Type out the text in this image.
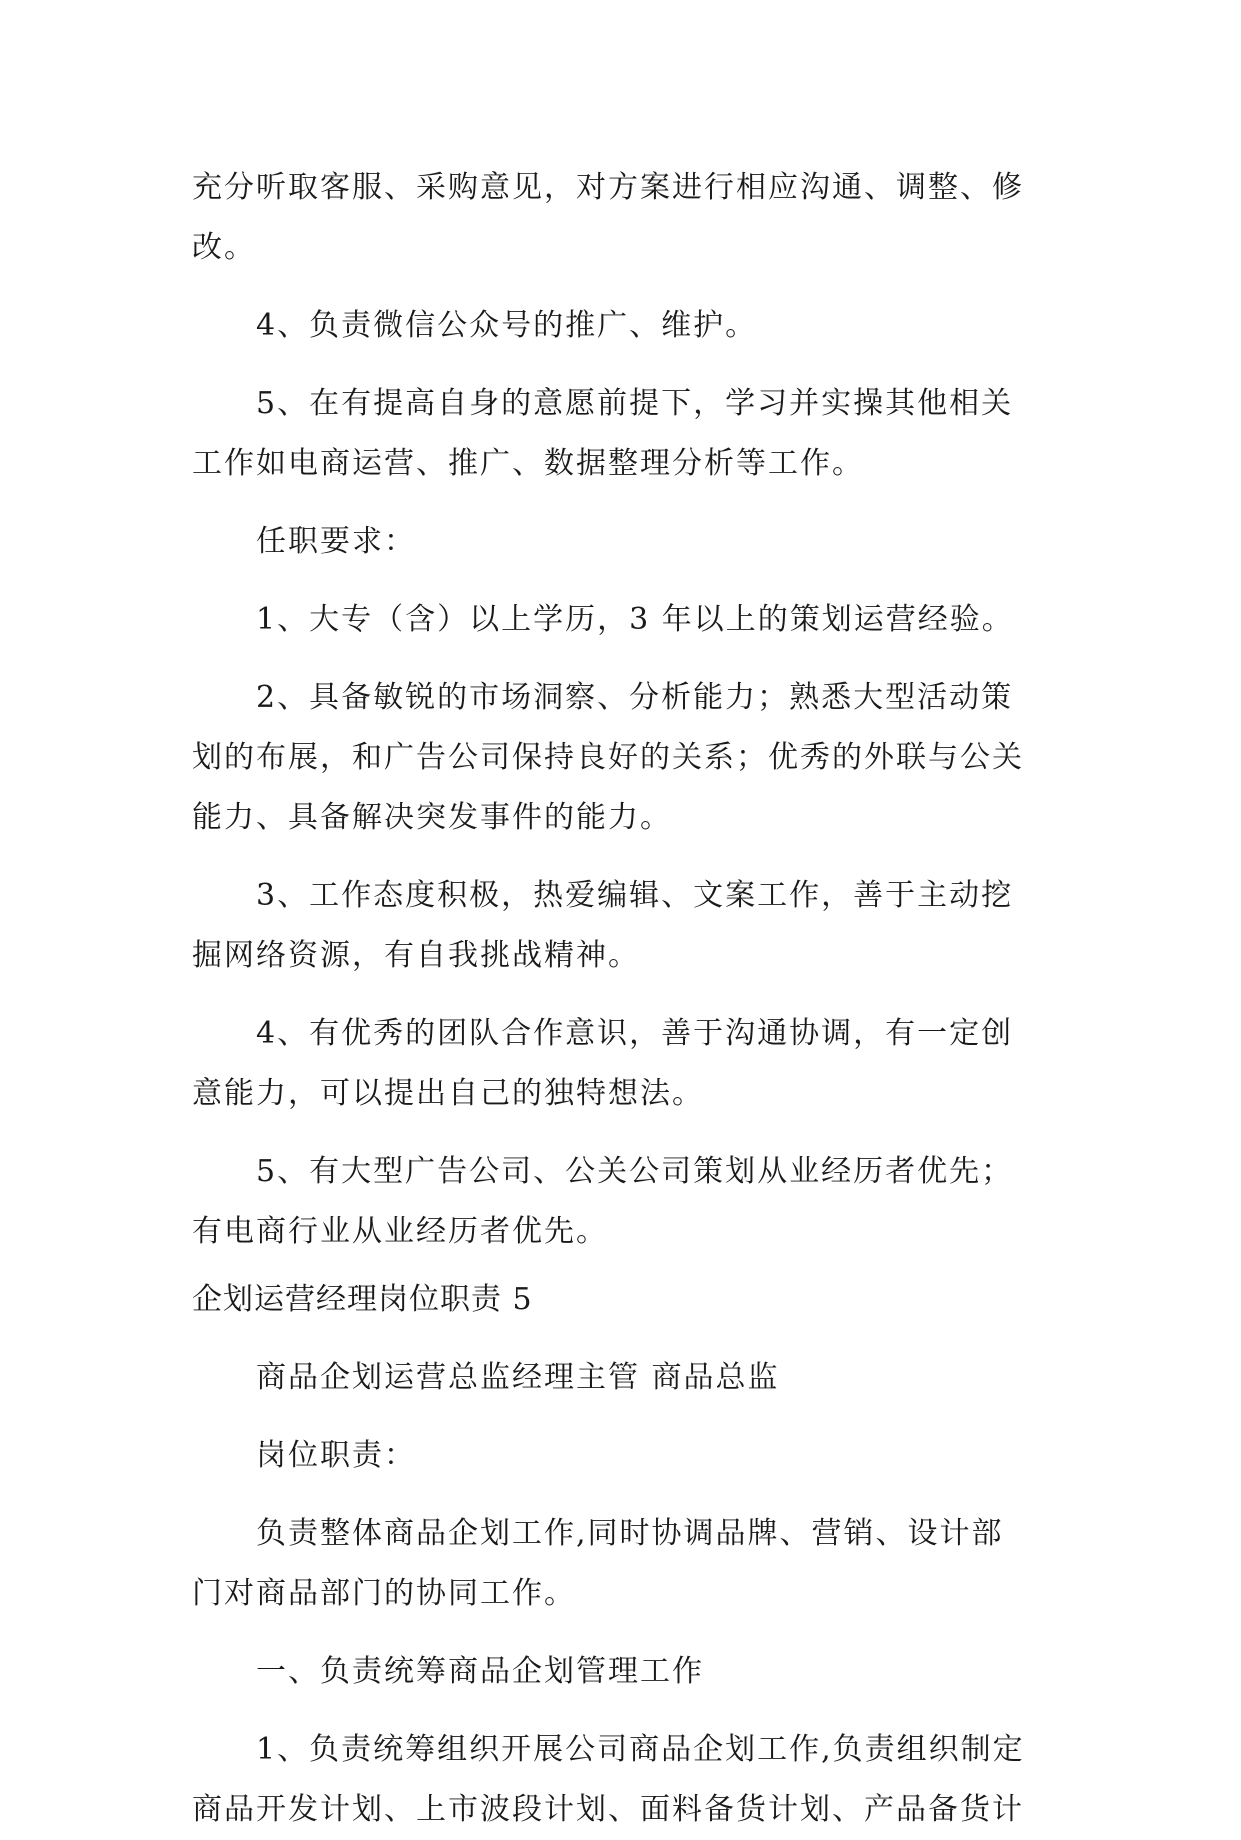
充分听取客服、采购意见，对方案进行相应沟通、调整、修
改。
4、负责微信公众号的推广、维护。
5、在有提高自身的意愿前提下，学习并实操其他相关
工作如电商运营、推广、数据整理分析等工作。
任职要求：
1、大专（含）以上学历，3 年以上的策划运营经验。
2、具备敏锐的市场洞察、分析能力；熟悉大型活动策
划的布展，和广告公司保持良好的关系；优秀的外联与公关
能力、具备解决突发事件的能力。
3、工作态度积极，热爱编辑、文案工作，善于主动挖
掘网络资源，有自我挑战精神。
4、有优秀的团队合作意识，善于沟通协调，有一定创
意能力，可以提出自己的独特想法。
5、有大型广告公司、公关公司策划从业经历者优先；
有电商行业从业经历者优先。
企划运营经理岗位职责 5
商品企划运营总监经理主管 商品总监
岗位职责：
负责整体商品企划工作,同时协调品牌、营销、设计部
门对商品部门的协同工作。
一、负责统筹商品企划管理工作
1、负责统筹组织开展公司商品企划工作,负责组织制定
商品开发计划、上市波段计划、面料备货计划、产品备货计
